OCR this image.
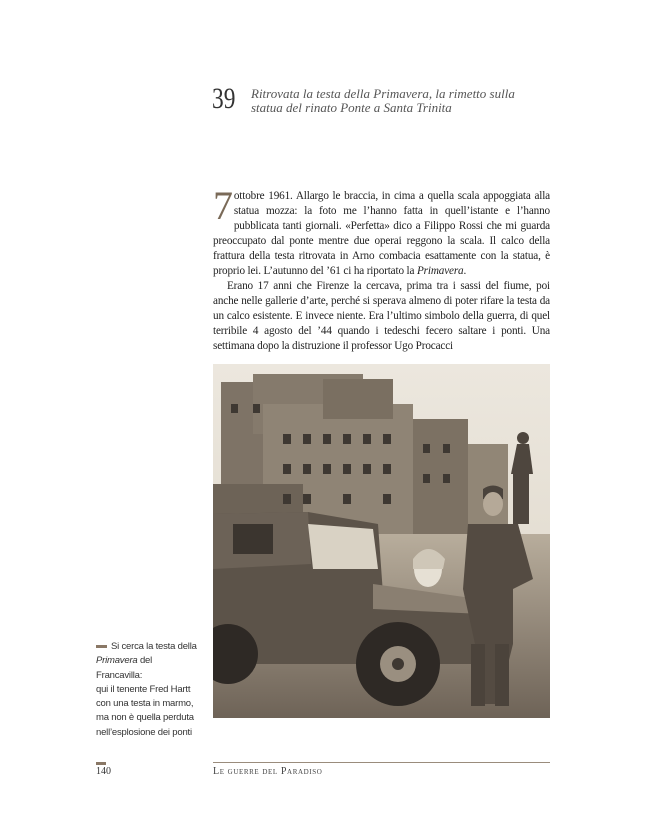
39 Ritrovata la testa della Primavera, la rimetto sulla
statua del rinato Ponte a Santa Trinita

7 ottobre 1961. Allargo le braccia, in cima a quella scala appoggiata alla statua mozza: la foto me l’hanno fatta in quell’istante e l’hanno pubblicata tanti giornali. «Perfetta» dico a Filippo Rossi che mi guarda preoccupato dal ponte mentre due operai reggono la scala. Il calco della frattura della testa ritrovata in Arno combacia esattamente con la statua, è proprio lei. L’autunno del ’61 ci ha riportato la Primavera.

Erano 17 anni che Firenze la cercava, prima tra i sassi del fiume, poi anche nelle gallerie d’arte, perché si sperava almeno di poter rifare la testa da un calco esistente. E invece niente. Era l’ultimo simbolo della guerra, di quel terribile 4 agosto del ’44 quando i tedeschi fecero saltare i ponti. Una settimana dopo la distruzione il professor Ugo Procacci

Si cerca la testa della
Primavera del Francavilla:
qui il tenente Fred Hartt
con una testa in marmo,
ma non è quella perduta
nell’esplosione dei ponti
140	Le guerre del Paradiso
